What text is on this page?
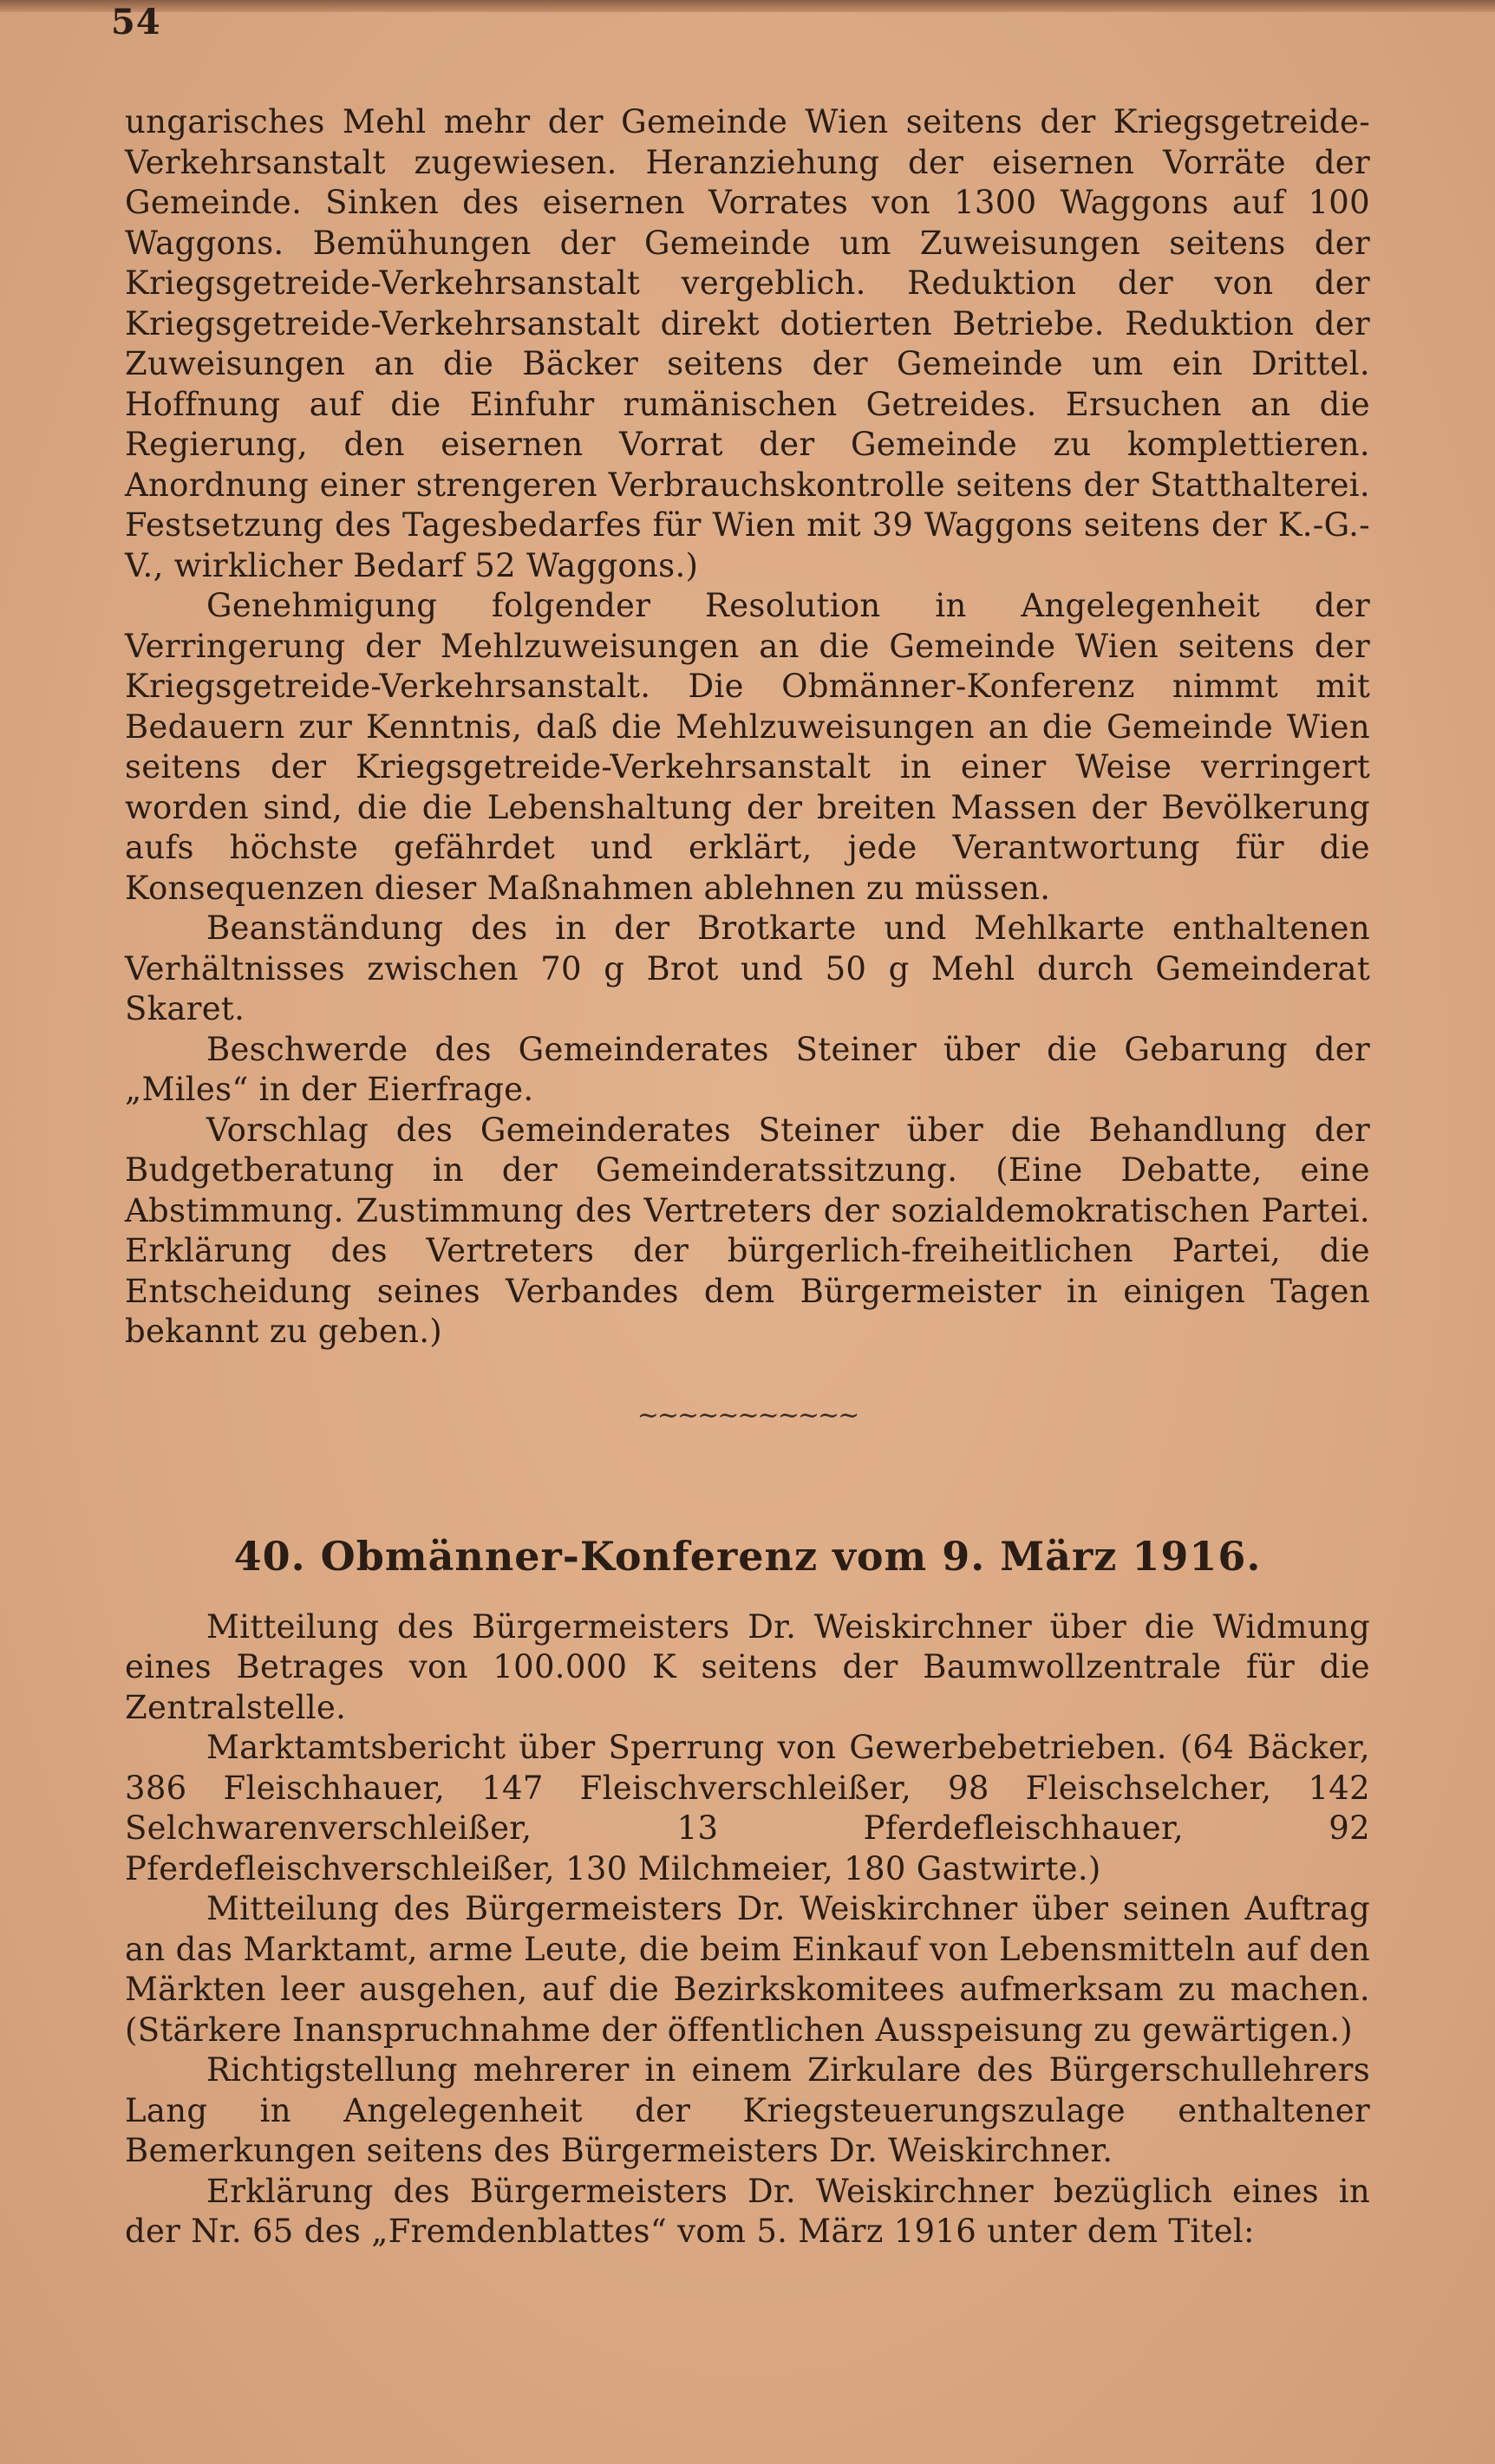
54

ungarisches Mehl mehr der Gemeinde Wien seitens der Kriegsgetreide-Verkehrsanstalt zugewiesen. Heranziehung der eisernen Vorräte der Gemeinde. Sinken des eisernen Vorrates von 1300 Waggons auf 100 Waggons. Bemühungen der Gemeinde um Zuweisungen seitens der Kriegsgetreide-Verkehrsanstalt vergeblich. Reduktion der von der Kriegsgetreide-Verkehrsanstalt direkt dotierten Betriebe. Reduktion der Zuweisungen an die Bäcker seitens der Gemeinde um ein Drittel. Hoffnung auf die Einfuhr rumänischen Getreides. Ersuchen an die Regierung, den eisernen Vorrat der Gemeinde zu komplettieren. Anordnung einer strengeren Verbrauchskontrolle seitens der Statthalterei. Festsetzung des Tagesbedarfes für Wien mit 39 Waggons seitens der K.-G.-V., wirklicher Bedarf 52 Waggons.)

Genehmigung folgender Resolution in Angelegenheit der Verringerung der Mehlzuweisungen an die Gemeinde Wien seitens der Kriegsgetreide-Verkehrsanstalt. Die Obmänner-Konferenz nimmt mit Bedauern zur Kenntnis, daß die Mehlzuweisungen an die Gemeinde Wien seitens der Kriegsgetreide-Verkehrsanstalt in einer Weise verringert worden sind, die die Lebenshaltung der breiten Massen der Bevölkerung aufs höchste gefährdet und erklärt, jede Verantwortung für die Konsequenzen dieser Maßnahmen ablehnen zu müssen.

Beanständung des in der Brotkarte und Mehlkarte enthaltenen Verhältnisses zwischen 70 g Brot und 50 g Mehl durch Gemeinderat Skaret.

Beschwerde des Gemeinderates Steiner über die Gebarung der „Miles“ in der Eierfrage.

Vorschlag des Gemeinderates Steiner über die Behandlung der Budgetberatung in der Gemeinderatssitzung. (Eine Debatte, eine Abstimmung. Zustimmung des Vertreters der sozialdemokratischen Partei. Erklärung des Vertreters der bürgerlich-freiheitlichen Partei, die Entscheidung seines Verbandes dem Bürgermeister in einigen Tagen bekannt zu geben.)

~~~~~~~~~~~
40. Obmänner-Konferenz vom 9. März 1916.

Mitteilung des Bürgermeisters Dr. Weiskirchner über die Widmung eines Betrages von 100.000 K seitens der Baumwollzentrale für die Zentralstelle.

Marktamtsbericht über Sperrung von Gewerbebetrieben. (64 Bäcker, 386 Fleischhauer, 147 Fleischverschleißer, 98 Fleischselcher, 142 Selchwarenverschleißer, 13 Pferdefleischhauer, 92 Pferdefleischverschleißer, 130 Milchmeier, 180 Gastwirte.)

Mitteilung des Bürgermeisters Dr. Weiskirchner über seinen Auftrag an das Marktamt, arme Leute, die beim Einkauf von Lebensmitteln auf den Märkten leer ausgehen, auf die Bezirkskomitees aufmerksam zu machen. (Stärkere Inanspruchnahme der öffentlichen Ausspeisung zu gewärtigen.)

Richtigstellung mehrerer in einem Zirkulare des Bürgerschullehrers Lang in Angelegenheit der Kriegsteuerungszulage enthaltener Bemerkungen seitens des Bürgermeisters Dr. Weiskirchner.

Erklärung des Bürgermeisters Dr. Weiskirchner bezüglich eines in der Nr. 65 des „Fremdenblattes“ vom 5. März 1916 unter dem Titel:
